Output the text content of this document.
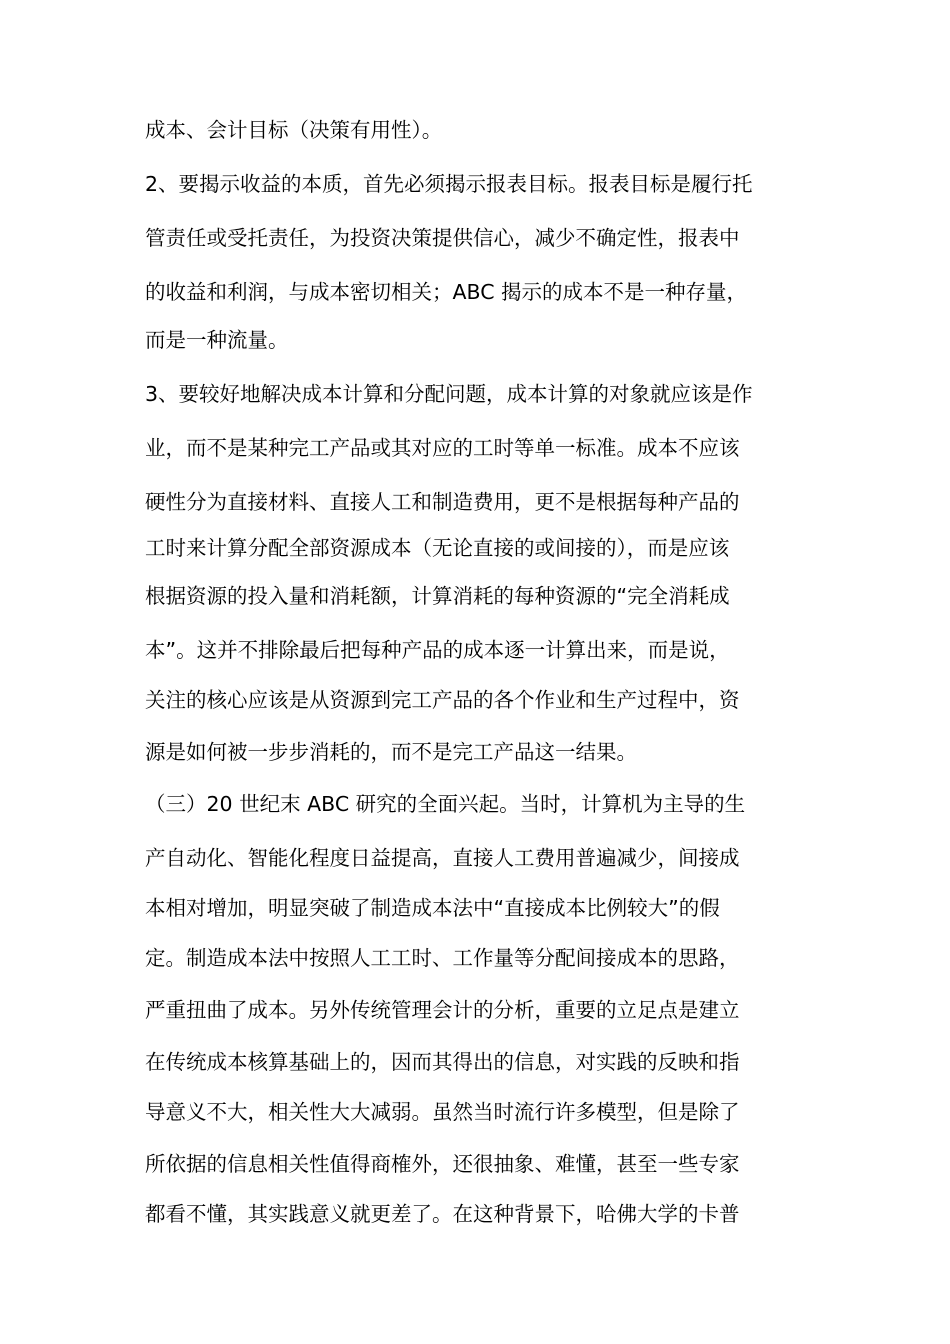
成本、会计目标（决策有用性）。
2、要揭示收益的本质，首先必须揭示报表目标。报表目标是履行托
管责任或受托责任，为投资决策提供信心，减少不确定性，报表中
的收益和利润，与成本密切相关；ABC 揭示的成本不是一种存量，
而是一种流量。
3、要较好地解决成本计算和分配问题，成本计算的对象就应该是作
业，而不是某种完工产品或其对应的工时等单一标准。成本不应该
硬性分为直接材料、直接人工和制造费用，更不是根据每种产品的
工时来计算分配全部资源成本（无论直接的或间接的），而是应该
根据资源的投入量和消耗额，计算消耗的每种资源的“完全消耗成
本”。这并不排除最后把每种产品的成本逐一计算出来，而是说，
关注的核心应该是从资源到完工产品的各个作业和生产过程中，资
源是如何被一步步消耗的，而不是完工产品这一结果。
（三）20 世纪末 ABC 研究的全面兴起。当时，计算机为主导的生
产自动化、智能化程度日益提高，直接人工费用普遍减少，间接成
本相对增加，明显突破了制造成本法中“直接成本比例较大”的假
定。制造成本法中按照人工工时、工作量等分配间接成本的思路，
严重扭曲了成本。另外传统管理会计的分析，重要的立足点是建立
在传统成本核算基础上的，因而其得出的信息，对实践的反映和指
导意义不大，相关性大大减弱。虽然当时流行许多模型，但是除了
所依据的信息相关性值得商榷外，还很抽象、难懂，甚至一些专家
都看不懂，其实践意义就更差了。在这种背景下，哈佛大学的卡普
